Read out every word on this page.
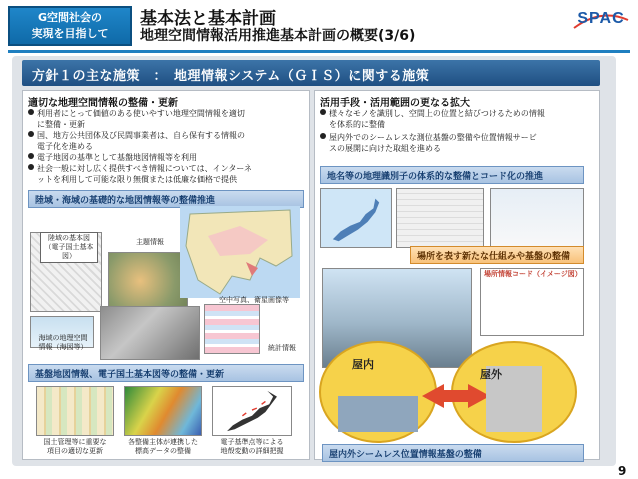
G空間社会の
実現を目指して
基本法と基本計画
地理空間情報活用推進基本計画の概要(3/6)
SPAC
方針１の主な施策　：　地理情報システム（ＧＩＳ）に関する施策
適切な地理空間情報の整備・更新
利用者にとって価値のある使いやすい地理空間情報を適切
に整備・更新
国、地方公共団体及び民間事業者は、自ら保有する情報の
電子化を進める
電子地図の基準として基盤地図情報等を利用
社会一般に対し広く提供すべき情報については、インターネ
ットを利用して可能な限り無償または低廉な価格で提供
陸域・海域の基礎的な地図情報等の整備推進
陸域の基本図
（電子国土基本図）
主題情報
空中写真、衛星画像等
海域の地理空間
情報（海図等）	統計情報
基盤地図情報、電子国土基本図等の整備・更新
国土管理等に重要な
項目の適切な更新
各整備主体が連携した
標高データの整備
電子基準点等による
地殻変動の詳細把握
活用手段・活用範囲の更なる拡大
様々なモノを識別し、空間上の位置と結びつけるための情報
を体系的に整備
屋内外でのシームレスな測位基盤の整備や位置情報サービ
スの展開に向けた取組を進める
地名等の地理識別子の体系的な整備とコード化の推進
場所を表す新たな仕組みや基盤の整備
場所情報コード（イメージ図）
屋内
屋外
屋内外シームレス位置情報基盤の整備
9
